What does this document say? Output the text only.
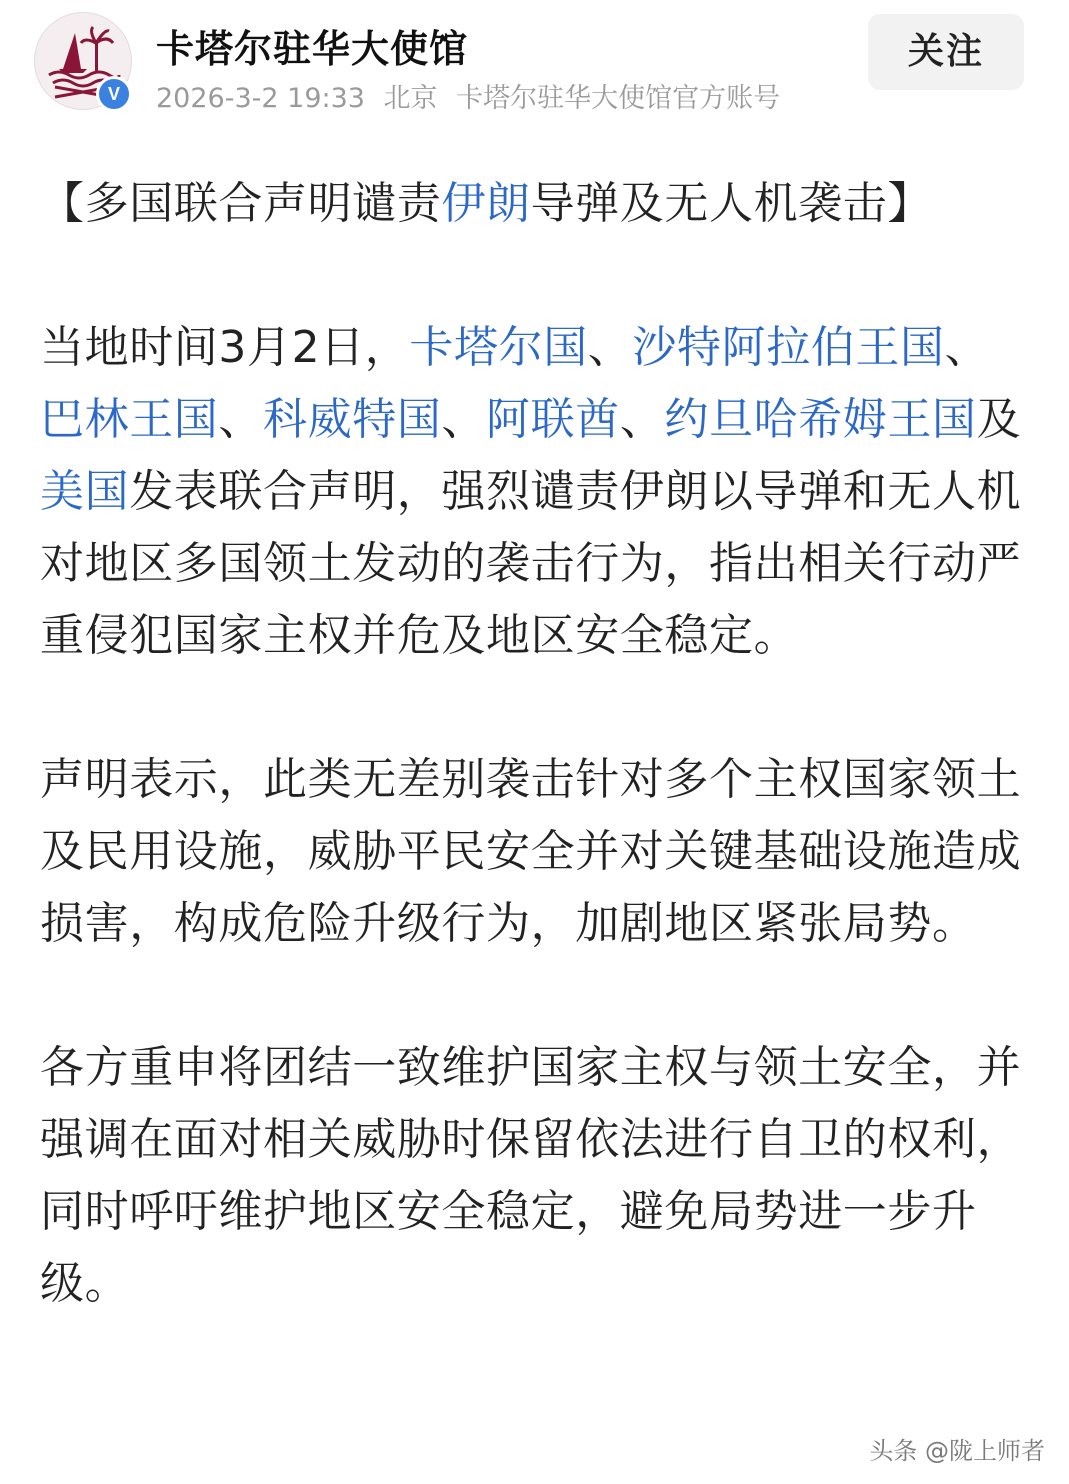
V
卡塔尔驻华大使馆
2026-3-2 19:33 北京 卡塔尔驻华大使馆官方账号
关注

【多国联合声明谴责伊朗导弹及无人机袭击】

当地时间3月2日，卡塔尔国、沙特阿拉伯王国、巴林王国、科威特国、阿联酋、约旦哈希姆王国及美国发表联合声明，强烈谴责伊朗以导弹和无人机对地区多国领土发动的袭击行为，指出相关行动严重侵犯国家主权并危及地区安全稳定。

声明表示，此类无差别袭击针对多个主权国家领土及民用设施，威胁平民安全并对关键基础设施造成损害，构成危险升级行为，加剧地区紧张局势。

各方重申将团结一致维护国家主权与领土安全，并强调在面对相关威胁时保留依法进行自卫的权利，同时呼吁维护地区安全稳定，避免局势进一步升级。

头条 @陇上师者
